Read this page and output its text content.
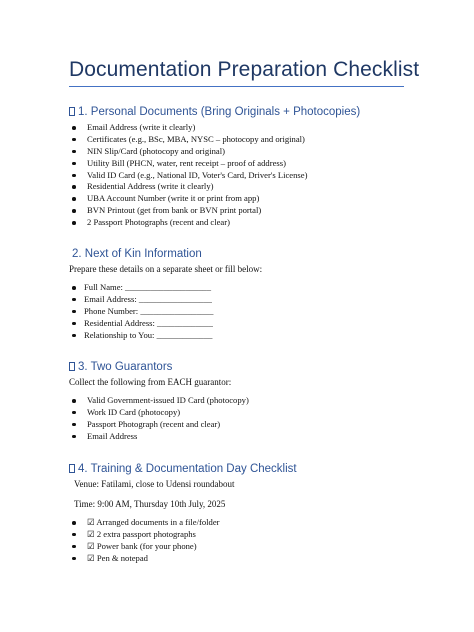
Documentation Preparation Checklist
1. Personal Documents (Bring Originals + Photocopies)
Email Address (write it clearly)
Certificates (e.g., BSc, MBA, NYSC – photocopy and original)
NIN Slip/Card (photocopy and original)
Utility Bill (PHCN, water, rent receipt – proof of address)
Valid ID Card (e.g., National ID, Voter's Card, Driver's License)
Residential Address (write it clearly)
UBA Account Number (write it or print from app)
BVN Printout (get from bank or BVN print portal)
2 Passport Photographs (recent and clear)
2. Next of Kin Information
Prepare these details on a separate sheet or fill below:
Full Name: ____________________
Email Address: _________________
Phone Number: _________________
Residential Address: _____________
Relationship to You: _____________
3. Two Guarantors
Collect the following from EACH guarantor:
Valid Government-issued ID Card (photocopy)
Work ID Card (photocopy)
Passport Photograph (recent and clear)
Email Address
4. Training & Documentation Day Checklist
Venue: Fatilami, close to Udensi roundabout
Time: 9:00 AM, Thursday 10th July, 2025
☑ Arranged documents in a file/folder
☑ 2 extra passport photographs
☑ Power bank (for your phone)
☑ Pen & notepad
